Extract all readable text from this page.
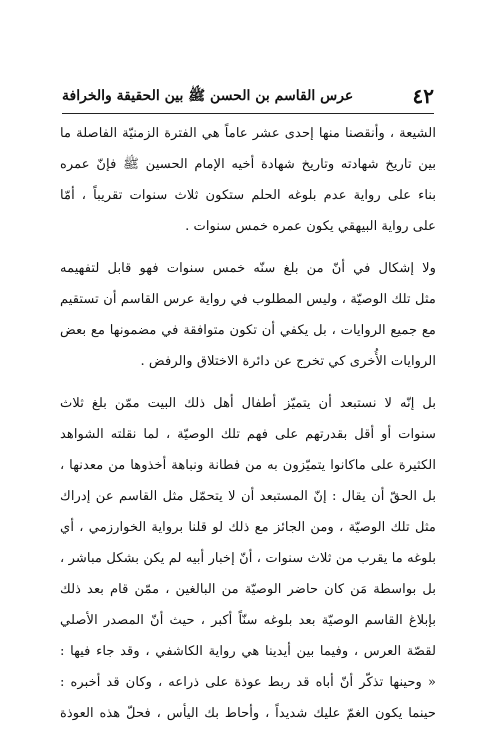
٤٢
عرس القاسم بن الحسن ﷺ بين الحقيقة والخرافة
الشيعة ، وأنقصنا منها إحدى عشر عاماً هي الفترة الزمنيّة الفاصلة ما
بين تاريخ شهادته وتاريخ شهادة أخيه الإمام الحسين ﷺ فإنّ عمره
بناء على رواية عدم بلوغه الحلم ستكون ثلاث سنوات تقريباً ، أمّا
على رواية البيهقي يكون عمره خمس سنوات .
ولا إشكال في أنّ من بلغ سنّه خمس سنوات فهو قابل لتفهيمه
مثل تلك الوصيّة ، وليس المطلوب في رواية عرس القاسم أن تستقيم
مع جميع الروايات ، بل يكفي أن تكون متوافقة في مضمونها مع بعض
الروايات الأُخرى كي تخرج عن دائرة الاختلاق والرفض .
بل إنّه لا نستبعد أن يتميّز أطفال أهل ذلك البيت ممّن بلغ ثلاث
سنوات أو أقل بقدرتهم على فهم تلك الوصيّة ، لما نقلته الشواهد
الكثيرة على ماكانوا يتميّزون به من فطانة ونباهة أخذوها من معدنها ،
بل الحقّ أن يقال : إنّ المستبعد أن لا يتحمّل مثل القاسم عن إدراك
مثل تلك الوصيّة ، ومن الجائز مع ذلك لو قلنا برواية الخوارزمي ، أي
بلوغه ما يقرب من ثلاث سنوات ، أنّ إخبار أبيه لم يكن بشكل مباشر ،
بل بواسطة مَن كان حاضر الوصيّة من البالغين ، ممّن قام بعد ذلك
بإبلاغ القاسم الوصيّة بعد بلوغه سنّاً أكبر ، حيث أنّ المصدر الأصلي
لقصّة العرس ، وفيما بين أيدينا هي رواية الكاشفي ، وقد جاء فيها :
« وحينها تذكّر أنّ أباه قد ربط عوذة على ذراعه ، وكان قد أخبره :
حينما يكون الغمّ عليك شديداً ، وأحاط بك اليأس ، فحلّ هذه العوذة
